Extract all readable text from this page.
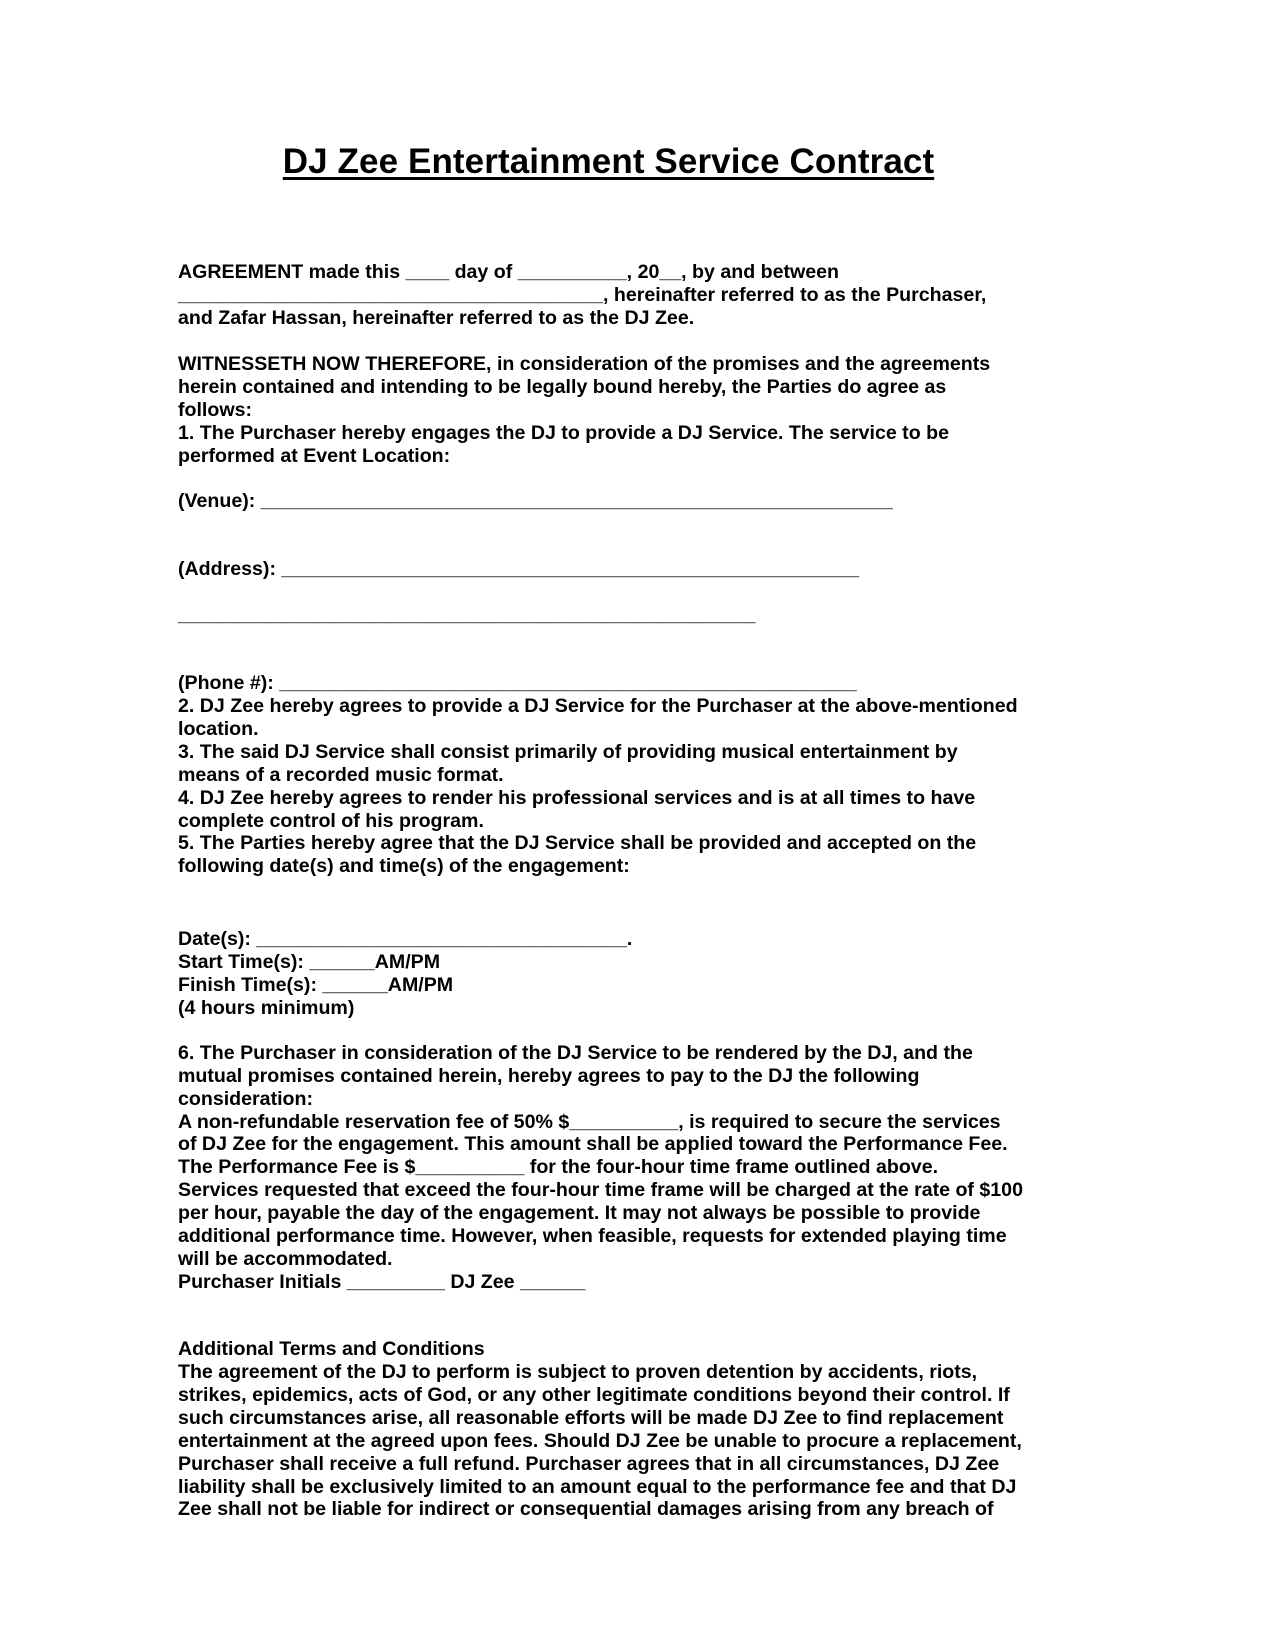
DJ Zee Entertainment Service Contract
AGREEMENT made this ____ day of __________, 20__, by and between
_______________________________________, hereinafter referred to as the Purchaser,
and Zafar Hassan, hereinafter referred to as the DJ Zee.
WITNESSETH NOW THEREFORE, in consideration of the promises and the agreements
herein contained and intending to be legally bound hereby, the Parties do agree as
follows:
1. The Purchaser hereby engages the DJ to provide a DJ Service. The service to be
performed at Event Location:
(Venue): __________________________________________________________
(Address): _____________________________________________________
_____________________________________________________
(Phone #): _____________________________________________________
2. DJ Zee hereby agrees to provide a DJ Service for the Purchaser at the above-mentioned
location.
3. The said DJ Service shall consist primarily of providing musical entertainment by
means of a recorded music format.
4. DJ Zee hereby agrees to render his professional services and is at all times to have
complete control of his program.
5. The Parties hereby agree that the DJ Service shall be provided and accepted on the
following date(s) and time(s) of the engagement:
Date(s): __________________________________.
Start Time(s): ______AM/PM
Finish Time(s): ______AM/PM
(4 hours minimum)
6. The Purchaser in consideration of the DJ Service to be rendered by the DJ, and the
mutual promises contained herein, hereby agrees to pay to the DJ the following
consideration:
A non-refundable reservation fee of 50% $__________, is required to secure the services
of DJ Zee for the engagement. This amount shall be applied toward the Performance Fee.
The Performance Fee is $__________ for the four-hour time frame outlined above.
Services requested that exceed the four-hour time frame will be charged at the rate of $100
per hour, payable the day of the engagement. It may not always be possible to provide
additional performance time. However, when feasible, requests for extended playing time
will be accommodated.
Purchaser Initials _________ DJ Zee ______
Additional Terms and Conditions
The agreement of the DJ to perform is subject to proven detention by accidents, riots,
strikes, epidemics, acts of God, or any other legitimate conditions beyond their control. If
such circumstances arise, all reasonable efforts will be made DJ Zee to find replacement
entertainment at the agreed upon fees. Should DJ Zee be unable to procure a replacement,
Purchaser shall receive a full refund. Purchaser agrees that in all circumstances, DJ Zee
liability shall be exclusively limited to an amount equal to the performance fee and that DJ
Zee shall not be liable for indirect or consequential damages arising from any breach of
